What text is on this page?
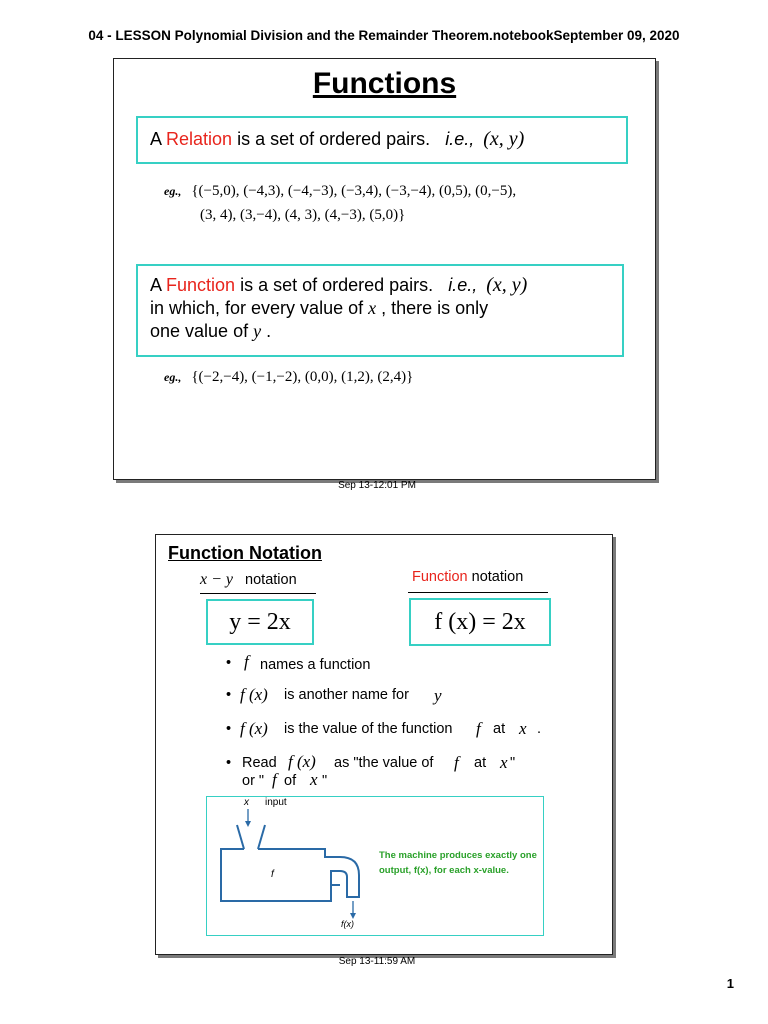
04 - LESSON Polynomial Division and the Remainder Theorem.notebookSeptember 09, 2020
Functions
A Relation is a set of ordered pairs. i.e., (x, y)
eg., {(−5,0), (−4,3), (−4,−3), (−3,4), (−3,−4), (0,5), (0,−5),
(3, 4), (3,−4), (4, 3), (4,−3), (5,0)}
A Function is a set of ordered pairs. i.e., (x, y)
in which, for every value of x , there is only
one value of y .
eg., {(−2,−4), (−1,−2), (0,0), (1,2), (2,4)}
Sep 13-12:01 PM
Function Notation
x − y notation	Function notation
y = 2x	f (x) = 2x
• f names a function
• f (x) is another name for y
• f (x) is the value of the function f at x .
• Read f (x) as "the value of f at x "
or " f of x "
x input
f
f(x)
The machine produces exactly one
output, f(x), for each x-value.
Sep 13-11:59 AM
1
